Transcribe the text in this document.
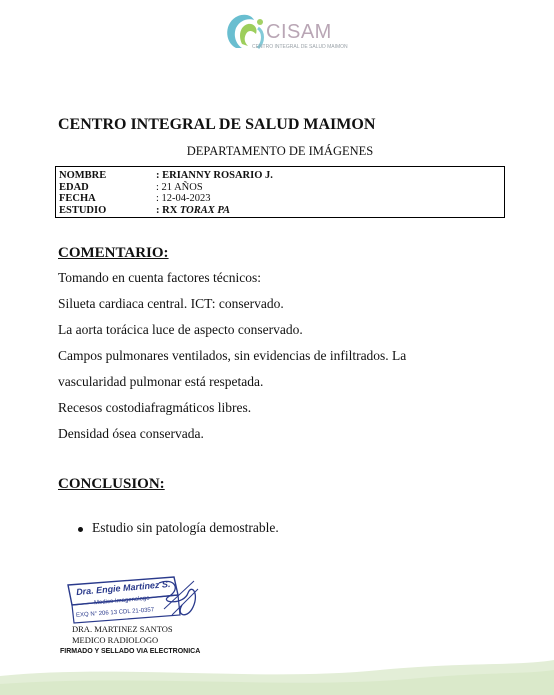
CISAM
CENTRO INTEGRAL DE SALUD MAIMON
CENTRO INTEGRAL DE SALUD MAIMON
DEPARTAMENTO DE IMÁGENES
NOMBRE	: ERIANNY ROSARIO J.
EDAD	: 21 AÑOS
FECHA	: 12-04-2023
ESTUDIO	: RX TORAX PA
COMENTARIO:
Tomando en cuenta factores técnicos:
Silueta cardiaca central. ICT: conservado.
La aorta torácica luce de aspecto conservado.
Campos pulmonares ventilados, sin evidencias de infiltrados. La
vascularidad pulmonar está respetada.
Recesos costodiafragmáticos libres.
Densidad ósea conservada.
CONCLUSION:
Estudio sin patología demostrable.
Dra. Engie Martinez S.
Medico Imagenologo
EXQ N° 206 13 CDL 21-0357
DRA. MARTINEZ SANTOS
MEDICO RADIOLOGO
FIRMADO Y SELLADO VIA ELECTRONICA
